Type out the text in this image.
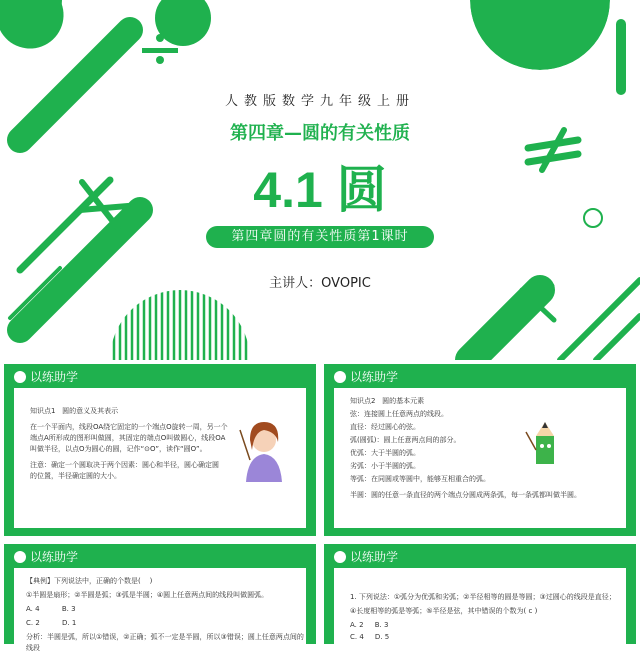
人教版数学九年级上册
第四章—圆的有关性质
4.1 圆
第四章圆的有关性质第1课时
主讲人：OVOPIC
以练助学
知识点1   圆的意义及其表示
在一个平面内，线段OA绕它固定的一个端点O旋转一周，另一个
端点A所形成的图形叫做圆，其固定的端点O叫做圆心，线段OA
叫做半径，以点O为圆心的圆，记作“⊙O”，读作“圆O”。
注意：确定一个圆取决于两个因素：圆心和半径，圆心确定圆
的位置，半径确定圆的大小。
以练助学
知识点2   圆的基本元素
弦：连接圆上任意两点的线段。
直径：经过圆心的弦。
弧(圆弧)：圆上任意两点间的部分。
优弧：大于半圆的弧。
劣弧：小于半圆的弧。
等弧：在同圆或等圆中，能够互相重合的弧。
半圆：圆的任意一条直径的两个端点分圆成两条弧，每一条弧都叫做半圆。
以练助学
【典例】下列说法中，正确的个数是(    )
①半圆是扇形；②半圆是弧；③弧是半圆；④圆上任意两点间的线段叫做圆弧。
A. 4          B. 3
C. 2          D. 1
分析：半圆是弧，所以①错误，②正确；弧不一定是半圆，所以③错误；圆上任意两点间的线段
以练助学
1. 下列说法：①弧分为优弧和劣弧；②半径相等的圆是等圆；③过圆心的线段是直径；
④长度相等的弧是等弧；⑤半径是弦，其中错误的个数为( c )
A. 2     B. 3
C. 4     D. 5
